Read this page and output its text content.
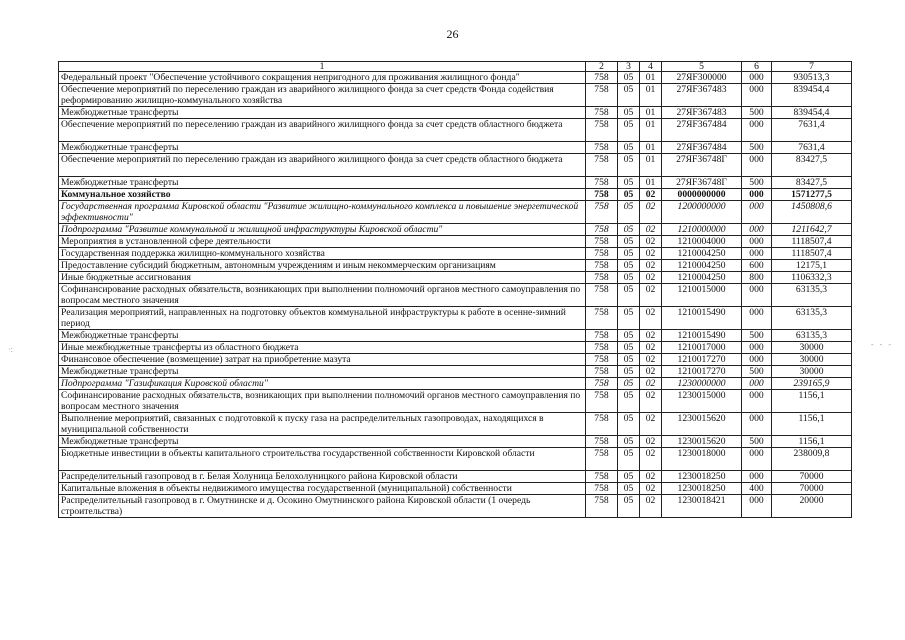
26
·:
- - -
1	2	3	4	5	6	7
Федеральный проект "Обеспечение устойчивого сокращения непригодного для проживания жилищного фонда"	758	05	01	27ЯF300000	000	930513,3
Обеспечение мероприятий по переселению граждан из аварийного жилищного фонда за счет средств Фонда содействия реформированию жилищно-коммунального хозяйства	758	05	01	27ЯF367483	000	839454,4
Межбюджетные трансферты	758	05	01	27ЯF367483	500	839454,4
Обеспечение мероприятий по переселению граждан из аварийного жилищного фонда за счет средств областного бюджета	758	05	01	27ЯF367484	000	7631,4
Межбюджетные трансферты	758	05	01	27ЯF367484	500	7631,4
Обеспечение мероприятий по переселению граждан из аварийного жилищного фонда за счет средств областного бюджета	758	05	01	27ЯF36748Г	000	83427,5
Межбюджетные трансферты	758	05	01	27ЯF36748Г	500	83427,5
Коммунальное хозяйство	758	05	02	0000000000	000	1571277,5
Государственная программа Кировской области "Развитие жилищно-коммунального комплекса и повышение энергетической эффективности"	758	05	02	1200000000	000	1450808,6
Подпрограмма "Развитие коммунальной и жилищной инфраструктуры Кировской области"	758	05	02	1210000000	000	1211642,7
Мероприятия в установленной сфере деятельности	758	05	02	1210004000	000	1118507,4
Государственная поддержка жилищно-коммунального хозяйства	758	05	02	1210004250	000	1118507,4
Предоставление субсидий бюджетным, автономным учреждениям и иным некоммерческим организациям	758	05	02	1210004250	600	12175,1
Иные бюджетные ассигнования	758	05	02	1210004250	800	1106332,3
Софинансирование расходных обязательств, возникающих при выполнении полномочий органов местного самоуправления по вопросам местного значения	758	05	02	1210015000	000	63135,3
Реализация мероприятий, направленных на подготовку объектов коммунальной инфраструктуры к работе в осенне-зимний период	758	05	02	1210015490	000	63135,3
Межбюджетные трансферты	758	05	02	1210015490	500	63135,3
Иные межбюджетные трансферты из областного бюджета	758	05	02	1210017000	000	30000
Финансовое обеспечение (возмещение) затрат на приобретение мазута	758	05	02	1210017270	000	30000
Межбюджетные трансферты	758	05	02	1210017270	500	30000
Подпрограмма "Газификация Кировской области"	758	05	02	1230000000	000	239165,9
Софинансирование расходных обязательств, возникающих при выполнении полномочий органов местного самоуправления по вопросам местного значения	758	05	02	1230015000	000	1156,1
Выполнение мероприятий, связанных с подготовкой к пуску газа на распределительных газопроводах, находящихся в муниципальной собственности	758	05	02	1230015620	000	1156,1
Межбюджетные трансферты	758	05	02	1230015620	500	1156,1
Бюджетные инвестиции в объекты капитального строительства государственной собственности Кировской области	758	05	02	1230018000	000	238009,8
Распределительный газопровод в г. Белая Холуница Белохолуницкого района Кировской области	758	05	02	1230018250	000	70000
Капитальные вложения в объекты недвижимого имущества государственной (муниципальной) собственности	758	05	02	1230018250	400	70000
Распределительный газопровод в г. Омутнинске и д. Осокино Омутнинского района Кировской области (1 очередь строительства)	758	05	02	1230018421	000	20000
